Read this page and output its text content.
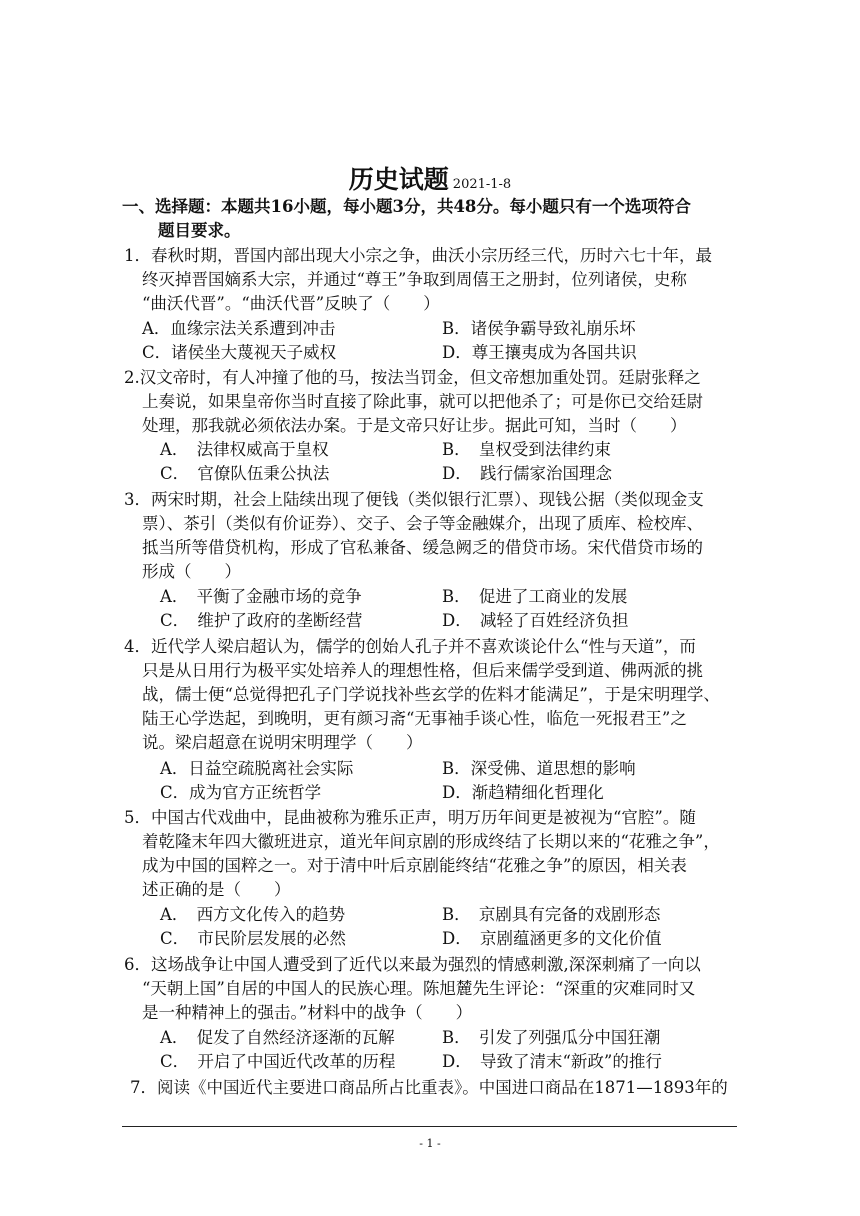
历史试题 2021-1-8
一、选择题：本题共16小题，每小题3分，共48分。每小题只有一个选项符合
题目要求。
1．春秋时期，晋国内部出现大小宗之争，曲沃小宗历经三代，历时六七十年，最
终灭掉晋国嫡系大宗，并通过“尊王”争取到周僖王之册封，位列诸侯，史称
“曲沃代晋”。“曲沃代晋”反映了（　　）
A．血缘宗法关系遭到冲击	B．诸侯争霸导致礼崩乐坏
C．诸侯坐大蔑视天子威权	D．尊王攘夷成为各国共识
2.汉文帝时，有人冲撞了他的马，按法当罚金，但文帝想加重处罚。廷尉张释之
上奏说，如果皇帝你当时直接了除此事，就可以把他杀了；可是你已交给廷尉
处理，那我就必须依法办案。于是文帝只好让步。据此可知，当时（　　）
A．　法律权威高于皇权	B．　皇权受到法律约束
C．　官僚队伍秉公执法	D．　践行儒家治国理念
3．两宋时期，社会上陆续出现了便钱（类似银行汇票）、现钱公据（类似现金支
票）、茶引（类似有价证券）、交子、会子等金融媒介，出现了质库、检校库、
抵当所等借贷机构，形成了官私兼备、缓急阙乏的借贷市场。宋代借贷市场的
形成（　　）
A．　平衡了金融市场的竞争	B．　促进了工商业的发展
C．　维护了政府的垄断经营	D．　减轻了百姓经济负担
4．近代学人梁启超认为，儒学的创始人孔子并不喜欢谈论什么“性与天道”，而
只是从日用行为极平实处培养人的理想性格，但后来儒学受到道、佛两派的挑
战，儒士便“总觉得把孔子门学说找补些玄学的佐料才能满足”，于是宋明理学、
陆王心学迭起，到晚明，更有颜习斋“无事袖手谈心性，临危一死报君王”之
说。梁启超意在说明宋明理学（　　）
A．日益空疏脱离社会实际	B．深受佛、道思想的影响
C．成为官方正统哲学	D．渐趋精细化哲理化
5．中国古代戏曲中，昆曲被称为雅乐正声，明万历年间更是被视为“官腔”。随
着乾隆末年四大徽班进京，道光年间京剧的形成终结了长期以来的“花雅之争”，
成为中国的国粹之一。对于清中叶后京剧能终结“花雅之争”的原因，相关表
述正确的是（　　）
A．　西方文化传入的趋势	B．　京剧具有完备的戏剧形态
C．　市民阶层发展的必然	D．　京剧蕴涵更多的文化价值
6．这场战争让中国人遭受到了近代以来最为强烈的情感刺激,深深刺痛了一向以
“天朝上国”自居的中国人的民族心理。陈旭麓先生评论：“深重的灾难同时又
是一种精神上的强击。”材料中的战争（　　）
A．　促发了自然经济逐渐的瓦解	B．　引发了列强瓜分中国狂潮
C．　开启了中国近代改革的历程	D．　导致了清末“新政”的推行
7．阅读《中国近代主要进口商品所占比重表》。中国进口商品在1871—1893年的
- 1 -
